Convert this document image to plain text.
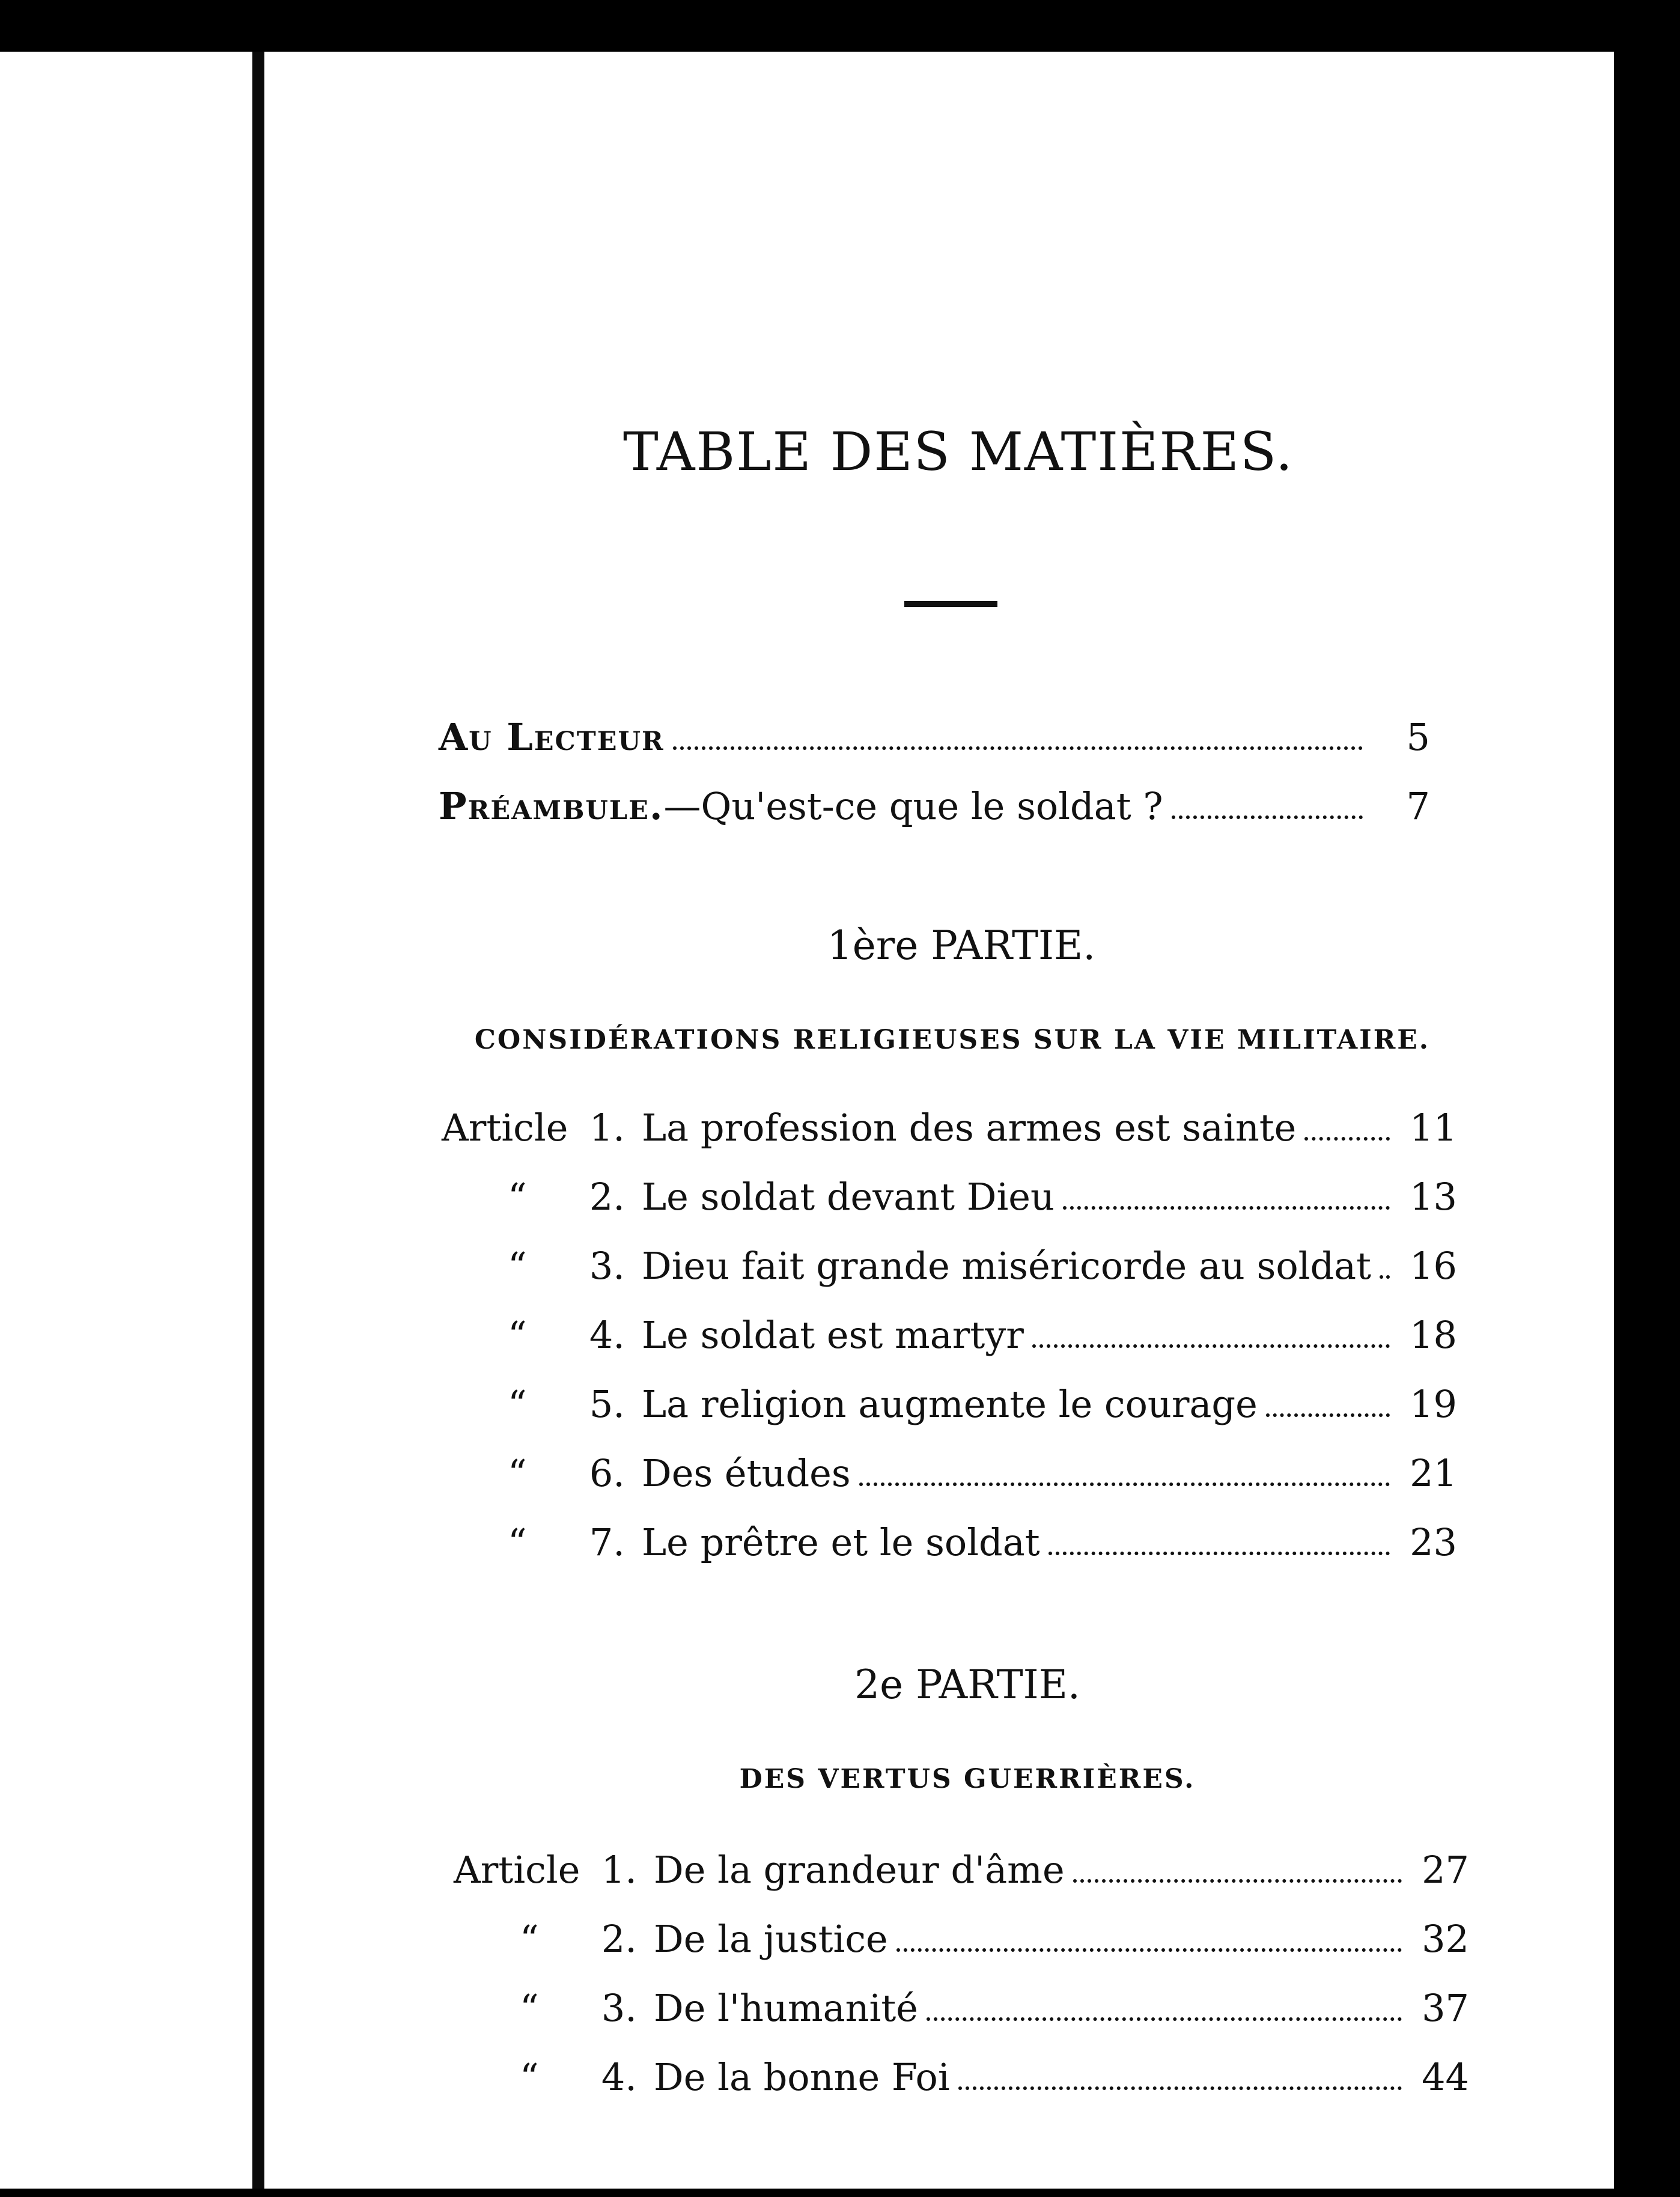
TABLE DES MATIÈRES.
Au Lecteur	5
Préambule. —Qu'est-ce que le soldat ?	7
1ère PARTIE.
CONSIDÉRATIONS RELIGIEUSES SUR LA VIE MILITAIRE.
Article 1. La profession des armes est sainte	11
“	2. Le soldat devant Dieu	13
“	3. Dieu fait grande miséricorde au soldat 16
“	4. Le soldat est martyr	18
“	5. La religion augmente le courage	19
“	6. Des études	21
“	7. Le prêtre et le soldat	23
2e PARTIE.
DES VERTUS GUERRIÈRES.
Article 1. De la grandeur d'âme	27
“	2. De la justice	32
“	3. De l'humanité	37
“	4. De la bonne Foi	44
